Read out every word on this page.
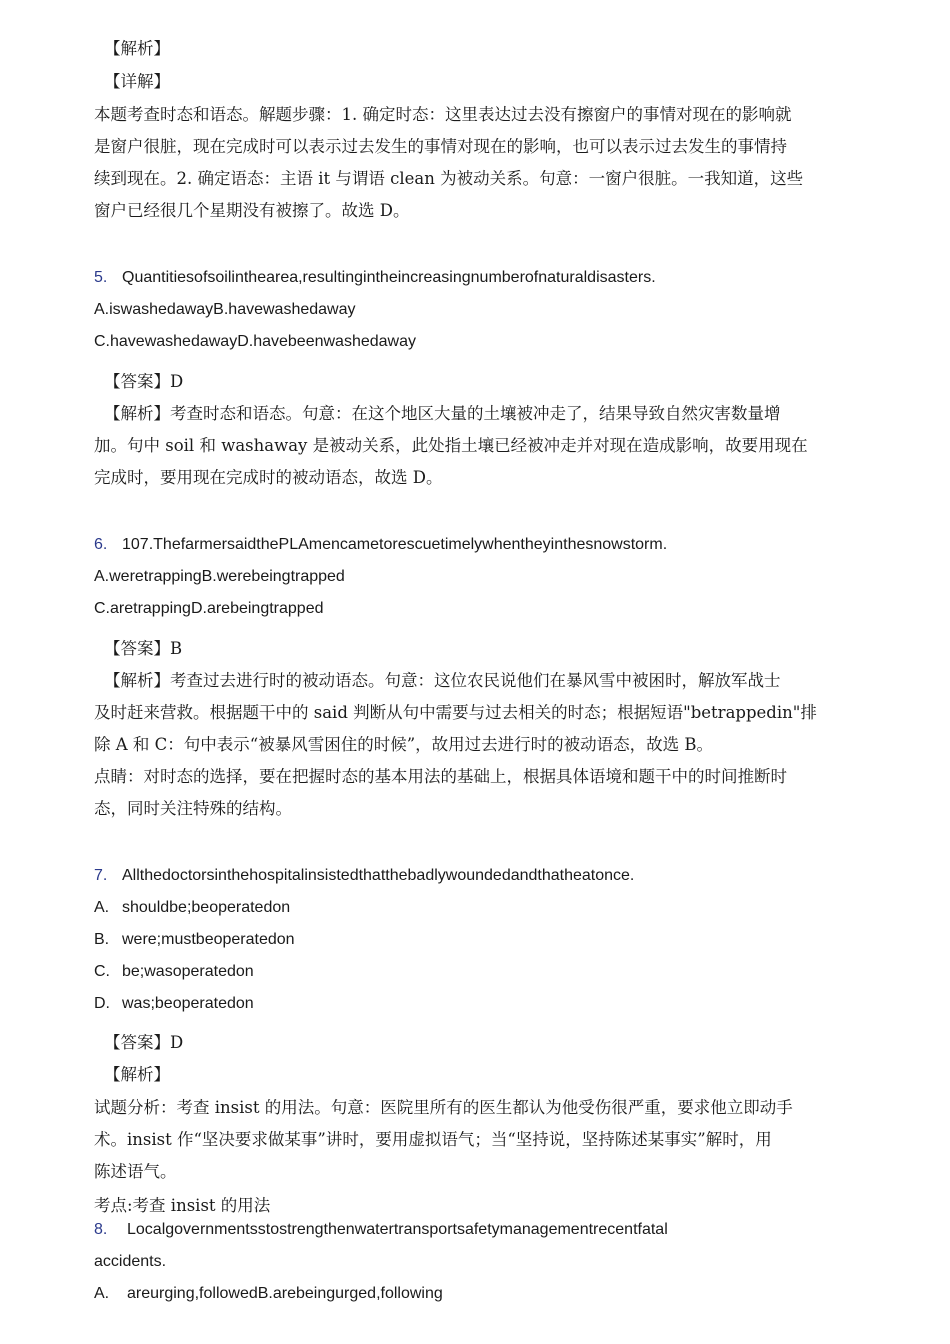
【解析】
【详解】
本题考查时态和语态。解题步骤：1. 确定时态：这里表达过去没有擦窗户的事情对现在的影响就
是窗户很脏，现在完成时可以表示过去发生的事情对现在的影响，也可以表示过去发生的事情持
续到现在。2. 确定语态：主语 it 与谓语 clean 为被动关系。句意：一窗户很脏。一我知道，这些
窗户已经很几个星期没有被擦了。故选 D。
5. Quantitiesofsoilinthearea,resultingintheincreasingnumberofnaturaldisasters.
A.iswashedawayB.havewashedaway
C.havewashedawayD.havebeenwashedaway
【答案】D
【解析】考查时态和语态。句意：在这个地区大量的土壤被冲走了，结果导致自然灾害数量增
加。句中 soil 和 washaway 是被动关系，此处指土壤已经被冲走并对现在造成影响，故要用现在
完成时，要用现在完成时的被动语态，故选 D。
6. 107.ThefarmersaidthePLAmencametorescuetimelywhentheyinthesnowstorm.
A.weretrappingB.werebeingtrapped
C.aretrappingD.arebeingtrapped
【答案】B
【解析】考查过去进行时的被动语态。句意：这位农民说他们在暴风雪中被困时，解放军战士
及时赶来营救。根据题干中的 said 判断从句中需要与过去相关的时态；根据短语"betrappedin"排
除 A 和 C：句中表示“被暴风雪困住的时候”，故用过去进行时的被动语态，故选 B。
点睛：对时态的选择，要在把握时态的基本用法的基础上，根据具体语境和题干中的时间推断时
态，同时关注特殊的结构。
7. Allthedoctorsinthehospitalinsistedthatthebadlywoundedandthatheatonce.
A. shouldbe;beoperatedon
B. were;mustbeoperatedon
C. be;wasoperatedon
D. was;beoperatedon
【答案】D
【解析】
试题分析：考查 insist 的用法。句意：医院里所有的医生都认为他受伤很严重，要求他立即动手
术。insist 作“坚决要求做某事”讲时，要用虚拟语气；当“坚持说，坚持陈述某事实”解时，用
陈述语气。
考点:考查 insist 的用法
8. Localgovernmentsstostrengthenwatertransportsafetymanagementrecentfatal
accidents.
A. areurging,followedB.arebeingurged,following
